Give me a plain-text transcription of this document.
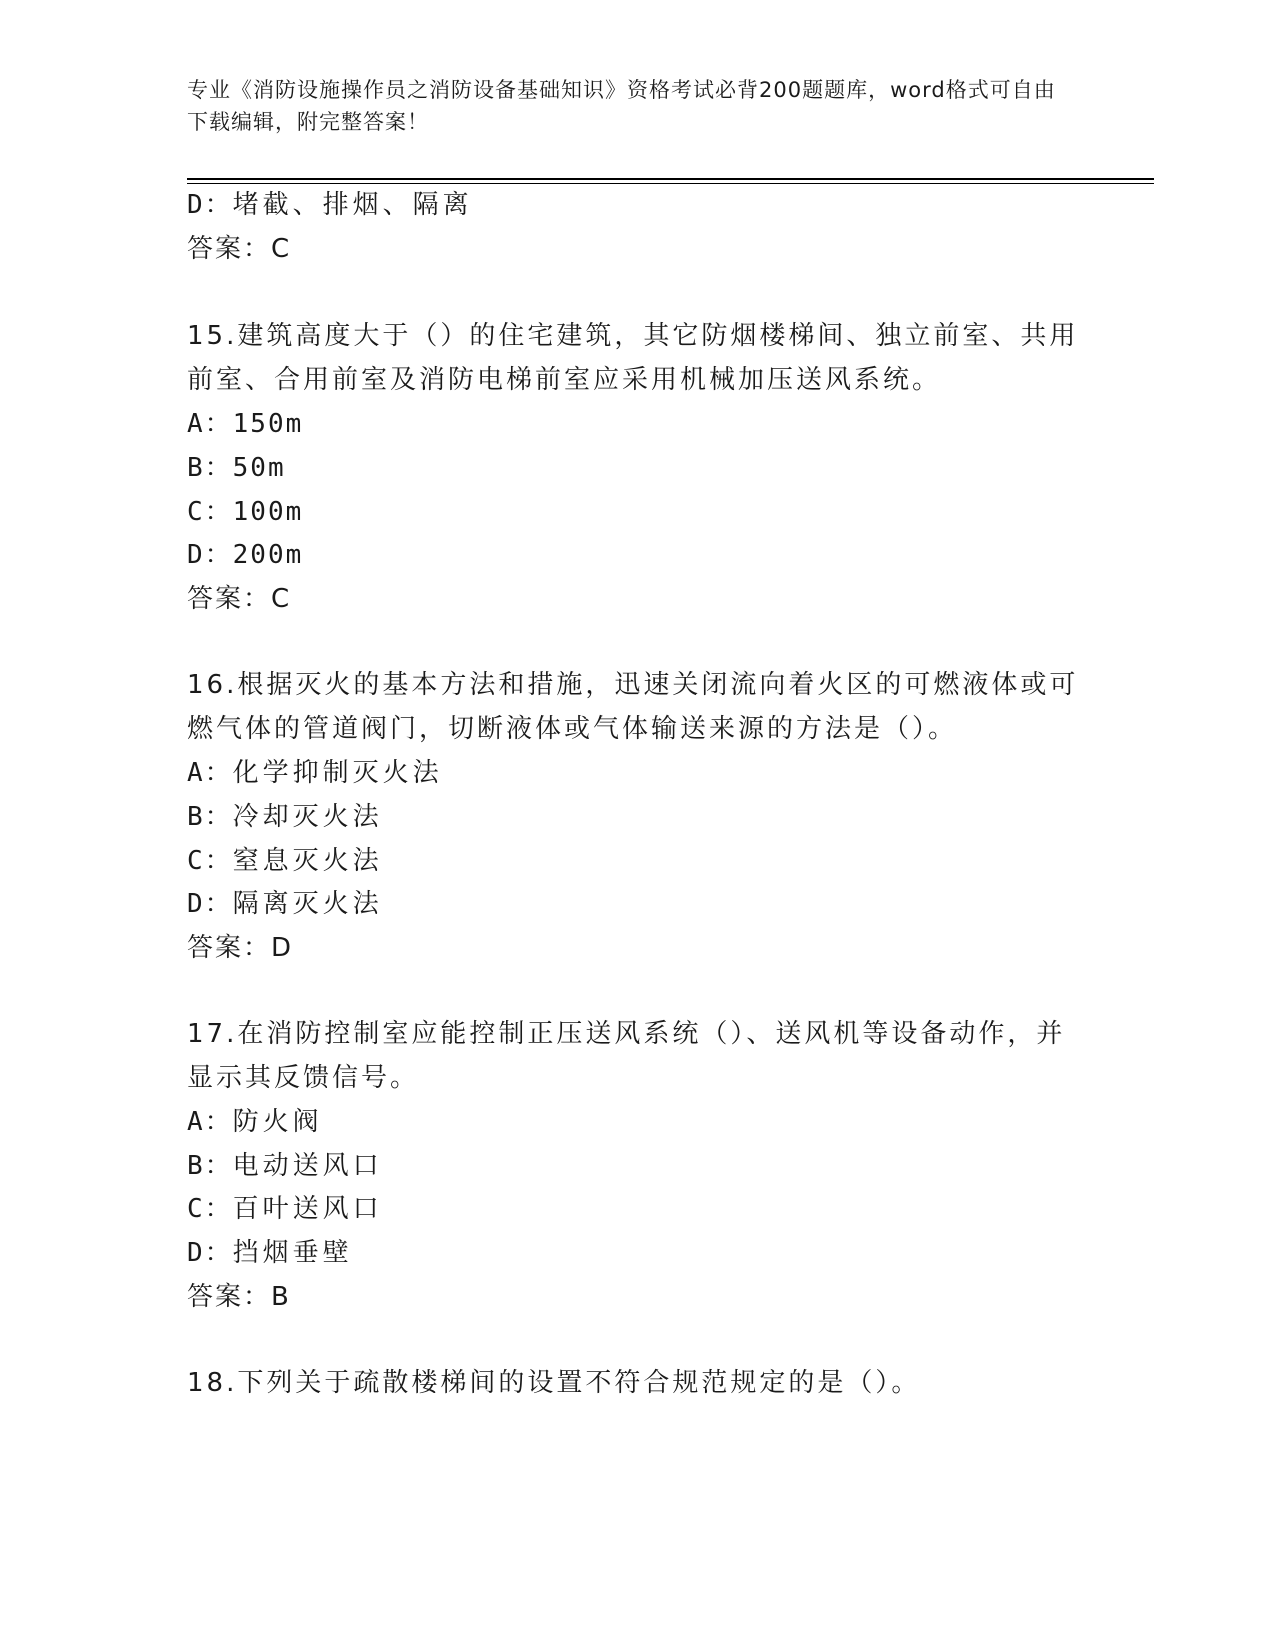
专业《消防设施操作员之消防设备基础知识》资格考试必背200题题库，word格式可自由下载编辑，附完整答案！
D：堵截、排烟、隔离
答案：C
15.建筑高度大于（）的住宅建筑，其它防烟楼梯间、独立前室、共用
前室、合用前室及消防电梯前室应采用机械加压送风系统。
A：150m
B：50m
C：100m
D：200m
答案：C
16.根据灭火的基本方法和措施，迅速关闭流向着火区的可燃液体或可
燃气体的管道阀门，切断液体或气体输送来源的方法是（）。
A：化学抑制灭火法
B：冷却灭火法
C：窒息灭火法
D：隔离灭火法
答案：D
17.在消防控制室应能控制正压送风系统（）、送风机等设备动作，并
显示其反馈信号。
A：防火阀
B：电动送风口
C：百叶送风口
D：挡烟垂壁
答案：B
18.下列关于疏散楼梯间的设置不符合规范规定的是（）。
